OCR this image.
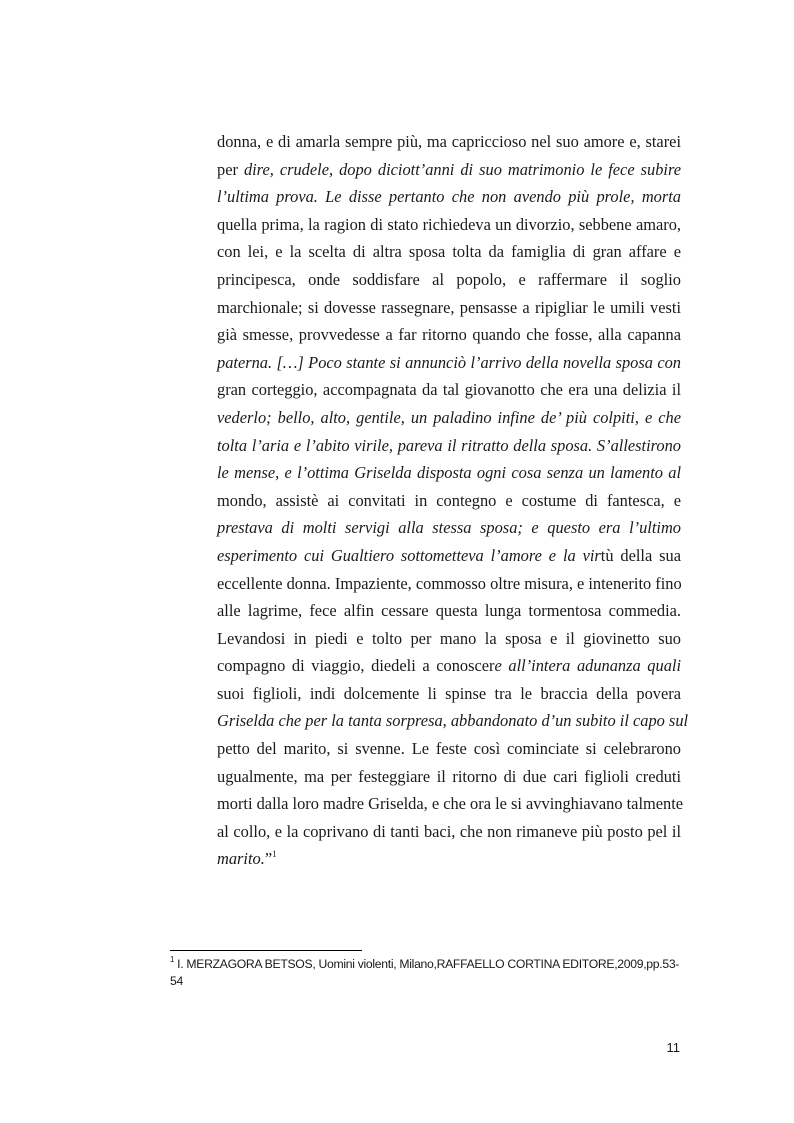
donna, e di amarla sempre più, ma capriccioso nel suo amore e, starei
per dire, crudele, dopo diciott’anni di suo matrimonio le fece subire
l’ultima prova. Le disse pertanto che non avendo più prole, morta
quella prima, la ragion di stato richiedeva un divorzio, sebbene amaro,
con lei, e la scelta di altra sposa tolta da famiglia di gran affare e
principesca, onde soddisfare al popolo, e raffermare il soglio
marchionale; si dovesse rassegnare, pensasse a ripigliar le umili vesti
già smesse, provvedesse a far ritorno quando che fosse, alla capanna
paterna. […] Poco stante si annunciò l’arrivo della novella sposa con
gran corteggio, accompagnata da tal giovanotto che era una delizia il
vederlo; bello, alto, gentile, un paladino infine de’ più colpiti, e che
tolta l’aria e l’abito virile, pareva il ritratto della sposa. S’allestirono
le mense, e l’ottima Griselda disposta ogni cosa senza un lamento al
mondo, assistè ai convitati in contegno e costume di fantesca, e
prestava di molti servigi alla stessa sposa; e questo era l’ultimo
esperimento cui Gualtiero sottometteva l’amore e la virtù della sua
eccellente donna. Impaziente, commosso oltre misura, e intenerito fino
alle lagrime, fece alfin cessare questa lunga tormentosa commedia.
Levandosi in piedi e tolto per mano la sposa e il giovinetto suo
compagno di viaggio, diedeli a conoscere all’intera adunanza quali
suoi figlioli, indi dolcemente li spinse tra le braccia della povera
Griselda che per la tanta sorpresa, abbandonato d’un subito il capo sul
petto del marito, si svenne. Le feste così cominciate si celebrarono
ugualmente, ma per festeggiare il ritorno di due cari figlioli creduti
morti dalla loro madre Griselda, e che ora le si avvinghiavano talmente
al collo, e la coprivano di tanti baci, che non rimaneve più posto pel il
marito.”$^1$
$^1$ I. MERZAGORA BETSOS, Uomini violenti, Milano,RAFFAELLO CORTINA EDITORE,2009,pp.53-54
11
